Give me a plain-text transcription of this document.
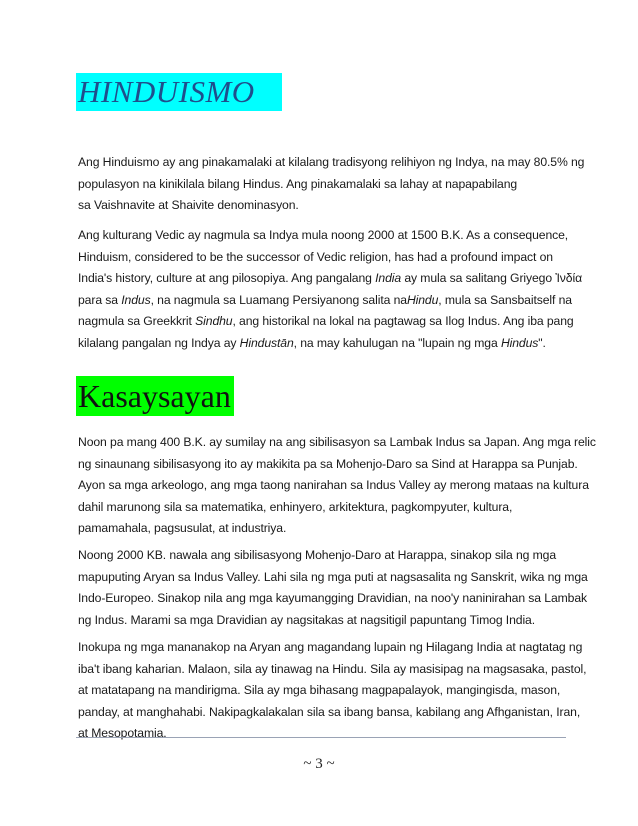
HINDUISMO
Ang Hinduismo ay ang pinakamalaki at kilalang tradisyong relihiyon ng Indya, na may 80.5% ng
populasyon na kinikilala bilang Hindus. Ang pinakamalaki sa lahay at napapabilang
sa Vaishnavite at Shaivite denominasyon.
Ang kulturang Vedic ay nagmula sa Indya mula noong 2000 at 1500 B.K. As a consequence,
Hinduism, considered to be the successor of Vedic religion, has had a profound impact on
India's history, culture at ang pilosopiya. Ang pangalang India ay mula sa salitang Griyego Ἰνδία
para sa Indus, na nagmula sa Luamang Persiyanong salita naHindu, mula sa Sansbaitself na
nagmula sa Greekkrit Sindhu, ang historikal na lokal na pagtawag sa Ilog Indus. Ang iba pang
kilalang pangalan ng Indya ay Hindustān, na may kahulugan na "lupain ng mga Hindus".
Kasaysayan
Noon pa mang 400 B.K. ay sumilay na ang sibilisasyon sa Lambak Indus sa Japan. Ang mga relic
ng sinaunang sibilisasyong ito ay makikita pa sa Mohenjo-Daro sa Sind at Harappa sa Punjab.
Ayon sa mga arkeologo, ang mga taong nanirahan sa Indus Valley ay merong mataas na kultura
dahil marunong sila sa matematika, enhinyero, arkitektura, pagkompyuter, kultura,
pamamahala, pagsusulat, at industriya.
Noong 2000 KB. nawala ang sibilisasyong Mohenjo-Daro at Harappa, sinakop sila ng mga
mapuputing Aryan sa Indus Valley. Lahi sila ng mga puti at nagsasalita ng Sanskrit, wika ng mga
Indo-Europeo. Sinakop nila ang mga kayumangging Dravidian, na noo'y naninirahan sa Lambak
ng Indus. Marami sa mga Dravidian ay nagsitakas at nagsitigil papuntang Timog India.
Inokupa ng mga mananakop na Aryan ang magandang lupain ng Hilagang India at nagtatag ng
iba't ibang kaharian. Malaon, sila ay tinawag na Hindu. Sila ay masisipag na magsasaka, pastol,
at matatapang na mandirigma. Sila ay mga bihasang magpapalayok, mangingisda, mason,
panday, at manghahabi. Nakipagkalakalan sila sa ibang bansa, kabilang ang Afhganistan, Iran,
at Mesopotamia.
~ 3 ~
